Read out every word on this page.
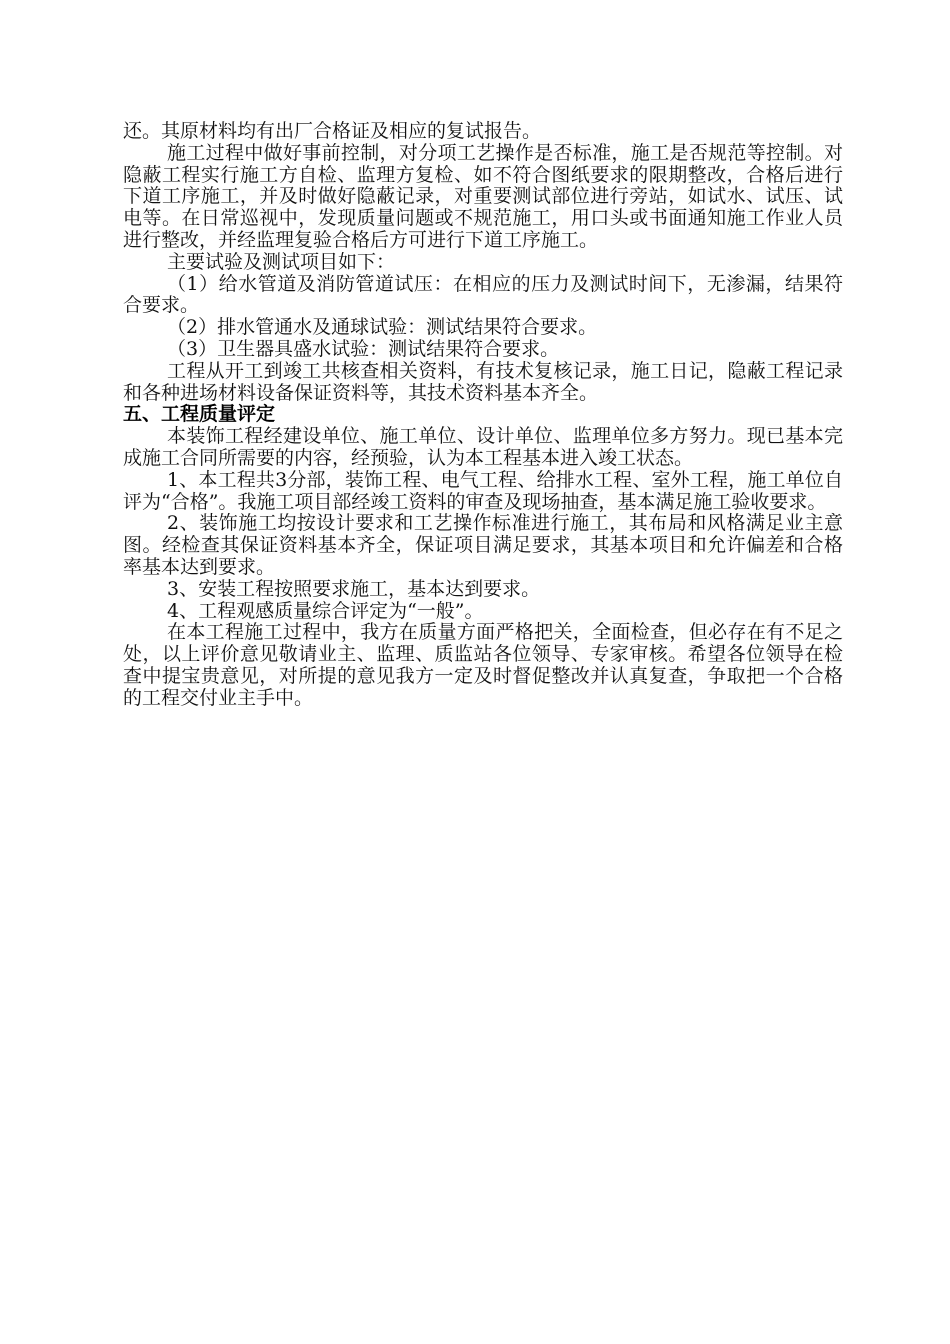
还。其原材料均有出厂合格证及相应的复试报告。

施工过程中做好事前控制，对分项工艺操作是否标准，施工是否规范等控制。对隐蔽工程实行施工方自检、监理方复检、如不符合图纸要求的限期整改，合格后进行下道工序施工，并及时做好隐蔽记录，对重要测试部位进行旁站，如试水、试压、试电等。在日常巡视中，发现质量问题或不规范施工，用口头或书面通知施工作业人员进行整改，并经监理复验合格后方可进行下道工序施工。

主要试验及测试项目如下：

（1）给水管道及消防管道试压：在相应的压力及测试时间下，无渗漏，结果符合要求。

（2）排水管通水及通球试验：测试结果符合要求。

（3）卫生器具盛水试验：测试结果符合要求。

工程从开工到竣工共核查相关资料，有技术复核记录，施工日记，隐蔽工程记录和各种进场材料设备保证资料等，其技术资料基本齐全。

五、工程质量评定

本装饰工程经建设单位、施工单位、设计单位、监理单位多方努力。现已基本完成施工合同所需要的内容，经预验，认为本工程基本进入竣工状态。

1、本工程共3分部，装饰工程、电气工程、给排水工程、室外工程，施工单位自评为“合格”。我施工项目部经竣工资料的审查及现场抽查，基本满足施工验收要求。

2、装饰施工均按设计要求和工艺操作标准进行施工，其布局和风格满足业主意图。经检查其保证资料基本齐全，保证项目满足要求，其基本项目和允许偏差和合格率基本达到要求。

3、安装工程按照要求施工，基本达到要求。

4、工程观感质量综合评定为“一般”。

在本工程施工过程中，我方在质量方面严格把关，全面检查，但必存在有不足之处，以上评价意见敬请业主、监理、质监站各位领导、专家审核。希望各位领导在检查中提宝贵意见，对所提的意见我方一定及时督促整改并认真复查，争取把一个合格的工程交付业主手中。
